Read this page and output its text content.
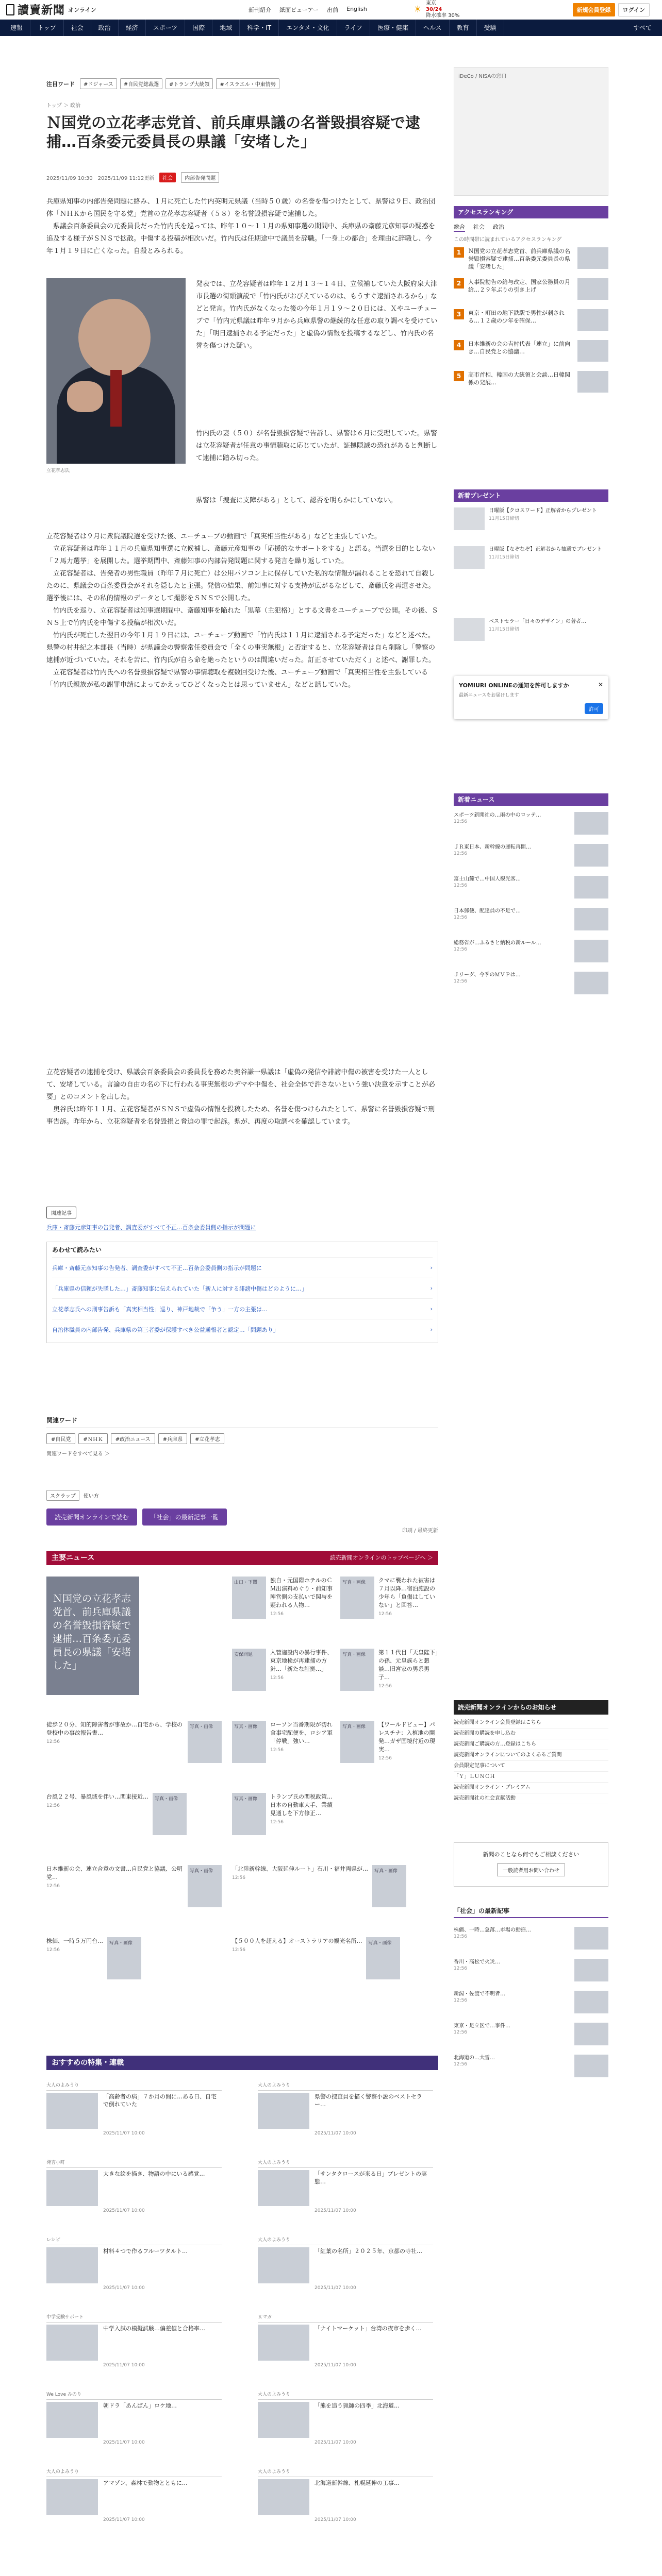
讀賣新聞 オンライン	新刊紹介 紙面ビューアー 出前 English	☀
東京
30/24
降水確率 30%
新規会員登録	ログイン
速報	トップ	社会	政治	経済	スポーツ	国際	地域	科学・IT	エンタメ・文化	ライフ	医療・健康	ヘルス	教育	受験	すべて
注目ワード	#ドジャース	#自民党総裁選	#トランプ大統領	#イスラエル・中東情勢
トップ ＞ 政治
Ｎ国党の立花孝志党首、前兵庫県議の名誉毀損容疑で逮捕…百条委元委員長の県議「安堵した」
2025/11/09 10:30　2025/11/09 11:12更新	社会	内部告発問題
兵庫県知事の内部告発問題に絡み、１月に死亡した竹内英明元県議（当時５０歳）の名誉を傷つけたとして、県警は９日、政治団体「ＮＨＫから国民を守る党」党首の立花孝志容疑者（５８）を名誉毀損容疑で逮捕した。
　県議会百条委員会の元委員長だった竹内氏を巡っては、昨年１０～１１月の県知事選の期間中、兵庫県の斎藤元彦知事の疑惑を追及する様子がＳＮＳで拡散。中傷する投稿が相次いだ。竹内氏は任期途中で議員を辞職。「一身上の都合」を理由に辞職し、今年１月１９日に亡くなった。自殺とみられる。
立花孝志氏
発表では、立花容疑者は昨年１２月１３～１４日、立候補していた大阪府泉大津市長選の街頭演説で「竹内氏がおびえているのは、もうすぐ逮捕されるから」などと発言。竹内氏がなくなった後の今年１月１９～２０日には、Ｘやユーチューブで「竹内元県議は昨年９月から兵庫県警の継続的な任意の取り調べを受けていた」「明日逮捕される予定だった」と虚偽の情報を投稿するなどし、竹内氏の名誉を傷つけた疑い。
竹内氏の妻（５０）が名誉毀損容疑で告訴し、県警は６月に受理していた。県警は立花容疑者が任意の事情聴取に応じていたが、証拠隠滅の恐れがあると判断して逮捕に踏み切った。
県警は「捜査に支障がある」として、認否を明らかにしていない。
立花容疑者は９月に衆院議院選を受けた後、ユーチューブの動画で「真実相当性がある」などと主張していた。
　立花容疑者は昨年１１月の兵庫県知事選に立候補し、斎藤元彦知事の「応援的なサポートをする」と語る。当選を目的としない「２馬力選挙」を展開した。選挙期間中、斎藤知事の内部告発問題に関する発言を繰り返していた。
　立花容疑者は、告発者の男性職員（昨年７月に死亡）は公用パソコン上に保存していた私的な情報が漏れることを恐れて自殺したのに、県議会の百条委員会がそれを隠したと主張。発信の結果、前知事に対する支持が広がるなどして、斎藤氏を再選させた。選挙後には、その私的情報のデータとして撮影をＳＮＳで公開した。
　竹内氏を巡り、立花容疑者は知事選期間中、斎藤知事を陥れた「黒幕（主犯格）」とする文書をユーチューブで公開。その後、ＳＮＳ上で竹内氏を中傷する投稿が相次いだ。
　竹内氏が死亡した翌日の今年１月１９日には、ユーチューブ動画で「竹内氏は１１月に逮捕される予定だった」などと述べた。県警の村井紀之本部長（当時）が県議会の警察常任委員会で「全くの事実無根」と否定すると、立花容疑者は自ら削除し「警察の逮捕が近づいていた。それを苦に、竹内氏が自ら命を絶ったというのは間違いだった。訂正させていただく」と述べ、謝罪した。
　立花容疑者は竹内氏への名誉毀損容疑で県警の事情聴取を複数回受けた後、ユーチューブ動画で「真実相当性を主張している「竹内氏親族が私の謝罪申請によってかえってひどくなったとは思っていません」などと話していた。
立花容疑者の逮捕を受け、県議会百条委員会の委員長を務めた奥谷謙一県議は「虚偽の発信や誹謗中傷の被害を受けた一人として、安堵している。言論の自由の名の下に行われる事実無根のデマや中傷を、社会全体で許さないという強い決意を示すことが必要」とのコメントを出した。
　奥谷氏は昨年１１月、立花容疑者がＳＮＳで虚偽の情報を投稿したため、名誉を傷つけられたとして、県警に名誉毀損容疑で刑事告訴。昨年から、立花容疑者を名誉毀損と脅迫の罪で起訴。県が、再度の取調べを確認しています。
関連記事
兵庫・斎藤元彦知事の告発者、調査委がすべて不正…百条会委員側の指示が問題に
あわせて読みたい
兵庫・斎藤元彦知事の告発者、調査委がすべて不正…百条会委員側の指示が問題に	›
「兵庫県の信頼が失墜した…」斎藤知事に伝えられていた「新人に対する誹謗中傷はどのように…」	›
立花孝志氏への刑事告訴も「真実相当性」巡り、神戸地裁で「争う」一方の主張は…	›
自治体職員の内部告発、兵庫県の第三者委が保護すべき公益通報者と認定…「問題あり」	›
関連ワード
#自民党	#ＮＨＫ	#政治ニュース	#兵庫県	#立花孝志
関連ワードをすべて見る ＞
スクラップ	使い方
読売新聞オンラインで読む	「社会」の最新記事一覧
印刷 / 最終更新
主要ニュース	読売新聞オンラインのトップページへ ＞
Ｎ国党の立花孝志党首、前兵庫県議の名誉毀損容疑で逮捕…百条委元委員長の県議「安堵した」
山口・下関	独自・元国際ホテルのＣＭ出演料めぐり・前知事陣営側の支払いで関与を疑われる人物…
12:56
写真・画像	クマに襲われた被害は７月以降…宿泊施設の少年ら「負傷はしていない」と回答…
12:56
安保問題	入管施設内の暴行事件、東京地検が再逮捕の方針…「新たな証拠…」
12:56
写真・画像	第１１代目「天皇陛下」の孫、元皇族らと懇談…旧宮家の男系男子…
12:56
写真・画像	ローソン当番期限が切れ食事宅配便を、ロシア軍「停戦」強い…
12:56
写真・画像	【ワールドビュー】パレスチナ：入植地の開発…ガザ国境付近の現実…
12:56
写真・画像	トランプ氏の関税政策…日本の自動車大手、業績見通しを下方修正…
12:56
徒歩２０分、知的障害者が事故か…自宅から、学校の登校中の事故報告書…
12:56
写真・画像
台風２２号、暴風域を伴い…関東接近…
12:56
写真・画像
日本維新の会、連立合意の文書…自民党と協議、公明党…
12:56
写真・画像	「北陸新幹線、大阪延伸ルート」石川・福井両県が…
12:56
写真・画像
株価、一時５万円台…
12:56
写真・画像	【５００人を超える】オーストラリアの観光名所…
12:56
写真・画像
おすすめの特集・連載
大人のよみうり
「高齢者の病」７か月の間に…ある日、自宅で倒れていた
2025/11/07 10:00
大人のよみうり
県警の捜査員を描く警察小説のベストセラー…
2025/11/07 10:00
発言小町
大きな絵を描き、物語の中にいる感覚…
2025/11/07 10:00
大人のよみうり
「サンタクロースが来る日」プレゼントの実態…
2025/11/07 10:00
レシピ
材料４つで作るフルーツタルト…
2025/11/07 10:00
大人のよみうり
「紅葉の名所」２０２５年、京都の寺社…
2025/11/07 10:00
中学受験サポート
中学入試の模擬試験…偏差値と合格率…
2025/11/07 10:00
Ｋマガ
「ナイトマーケット」台湾の夜市を歩く…
2025/11/07 10:00
We Love みのり
朝ドラ「あんぱん」ロケ地…
2025/11/07 10:00
大人のよみうり
「熊を追う猟師の四季」北海道…
2025/11/07 10:00
大人のよみうり
アマゾン、森林で動物とともに…
2025/11/07 10:00
大人のよみうり
北海道新幹線、札幌延伸の工事…
2025/11/07 10:00
iDeCo / NISAの窓口
アクセスランキング
総合 社会 政治
この時間帯に読まれているアクセスランキング
1	Ｎ国党の立花孝志党首、前兵庫県議の名誉毀損容疑で逮捕…百条委元委員長の県議「安堵した」
2	人事院勧告の給与改定、国家公務員の月給…２９年ぶりの引き上げ
3	東京・町田の地下鉄駅で男性が刺される…１２歳の少年を確保…
4	日本維新の会の吉村代表「連立」に前向き…自民党との協議…
5	高市首相、韓国の大統領と会談…日韓関係の発展…
新着プレゼント
日曜版【クロスワード】正解者からプレゼント
11月15日締切
日曜版【なぞなぞ】正解者から抽選でプレゼント
11月15日締切
ベストセラー「日々のデザイン」の著者…
11月15日締切
YOMIURI ONLINEの通知を許可しますか
最新ニュースをお届けします
✕
許可
新着ニュース
スポーツ新聞社の…雨の中のロッテ…
12:56
ＪＲ東日本、新幹線の運転再開…
12:56
富士山麓で…中国人観光客…
12:56
日本郵便、配達員の不足で…
12:56
総務省が…ふるさと納税の新ルール…
12:56
Ｊリーグ、今季のＭＶＰは…
12:56
読売新聞オンラインからのお知らせ
読売新聞オンライン会員登録はこちら
読売新聞の購読を申し込む
読売新聞ご購読の方…登録はこちら
読売新聞オンラインについてのよくあるご質問
会員限定記事について
「Ｙ」ＬＵＮＣＨ
読売新聞オンライン・プレミアム
読売新聞社の社会貢献活動
新聞のことなら何でもご相談ください
一般読者用お問い合わせ
「社会」の最新記事
株価、一時…急落…市場の動揺…
12:56
香川・高松で火災…
12:56
新潟・佐渡で不明者…
12:56
東京・足立区で…事件…
12:56
北海道の…大雪…
12:56
